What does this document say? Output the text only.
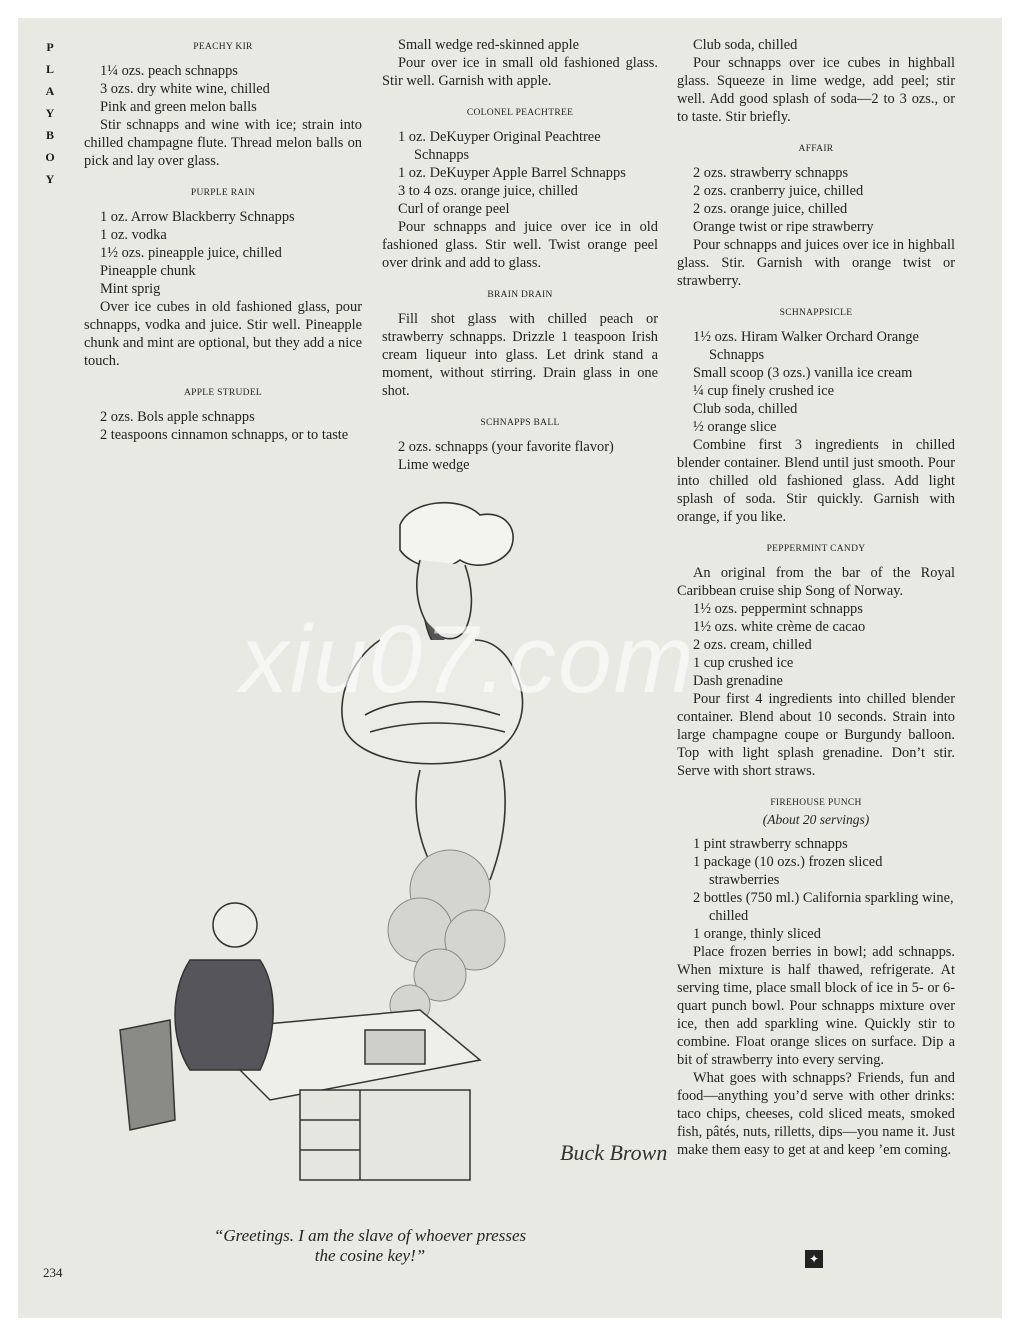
P
L
A
Y
B
O
Y
PEACHY KIR
1¼ ozs. peach schnapps
3 ozs. dry white wine, chilled
Pink and green melon balls
Stir schnapps and wine with ice; strain into chilled champagne flute. Thread melon balls on pick and lay over glass.
PURPLE RAIN
1 oz. Arrow Blackberry Schnapps
1 oz. vodka
1½ ozs. pineapple juice, chilled
Pineapple chunk
Mint sprig
Over ice cubes in old fashioned glass, pour schnapps, vodka and juice. Stir well. Pineapple chunk and mint are optional, but they add a nice touch.
APPLE STRUDEL
2 ozs. Bols apple schnapps
2 teaspoons cinnamon schnapps, or to taste
Small wedge red-skinned apple
Pour over ice in small old fashioned glass. Stir well. Garnish with apple.
COLONEL PEACHTREE
1 oz. DeKuyper Original Peachtree Schnapps
1 oz. DeKuyper Apple Barrel Schnapps
3 to 4 ozs. orange juice, chilled
Curl of orange peel
Pour schnapps and juice over ice in old fashioned glass. Stir well. Twist orange peel over drink and add to glass.
BRAIN DRAIN
Fill shot glass with chilled peach or strawberry schnapps. Drizzle 1 teaspoon Irish cream liqueur into glass. Let drink stand a moment, without stirring. Drain glass in one shot.
SCHNAPPS BALL
2 ozs. schnapps (your favorite flavor)
Lime wedge
Club soda, chilled
Pour schnapps over ice cubes in highball glass. Squeeze in lime wedge, add peel; stir well. Add good splash of soda—2 to 3 ozs., or to taste. Stir briefly.
AFFAIR
2 ozs. strawberry schnapps
2 ozs. cranberry juice, chilled
2 ozs. orange juice, chilled
Orange twist or ripe strawberry
Pour schnapps and juices over ice in highball glass. Stir. Garnish with orange twist or strawberry.
SCHNAPPSICLE
1½ ozs. Hiram Walker Orchard Orange Schnapps
Small scoop (3 ozs.) vanilla ice cream
¼ cup finely crushed ice
Club soda, chilled
½ orange slice
Combine first 3 ingredients in chilled blender container. Blend until just smooth. Pour into chilled old fashioned glass. Add light splash of soda. Stir quickly. Garnish with orange, if you like.
PEPPERMINT CANDY
An original from the bar of the Royal Caribbean cruise ship Song of Norway.
1½ ozs. peppermint schnapps
1½ ozs. white crème de cacao
2 ozs. cream, chilled
1 cup crushed ice
Dash grenadine
Pour first 4 ingredients into chilled blender container. Blend about 10 seconds. Strain into large champagne coupe or Burgundy balloon. Top with light splash grenadine. Don’t stir. Serve with short straws.
FIREHOUSE PUNCH
(About 20 servings)
1 pint strawberry schnapps
1 package (10 ozs.) frozen sliced strawberries
2 bottles (750 ml.) California sparkling wine, chilled
1 orange, thinly sliced
Place frozen berries in bowl; add schnapps. When mixture is half thawed, refrigerate. At serving time, place small block of ice in 5- or 6-quart punch bowl. Pour schnapps mixture over ice, then add sparkling wine. Quickly stir to combine. Float orange slices on surface. Dip a bit of strawberry into every serving.
What goes with schnapps? Friends, fun and food—anything you’d serve with other drinks: taco chips, cheeses, cold sliced meats, smoked fish, pâtés, nuts, rilletts, dips—you name it. Just make them easy to get at and keep ’em coming.
✦
Buck Brown
“Greetings. I am the slave of whoever presses
the cosine key!”
234
xiu07.com
